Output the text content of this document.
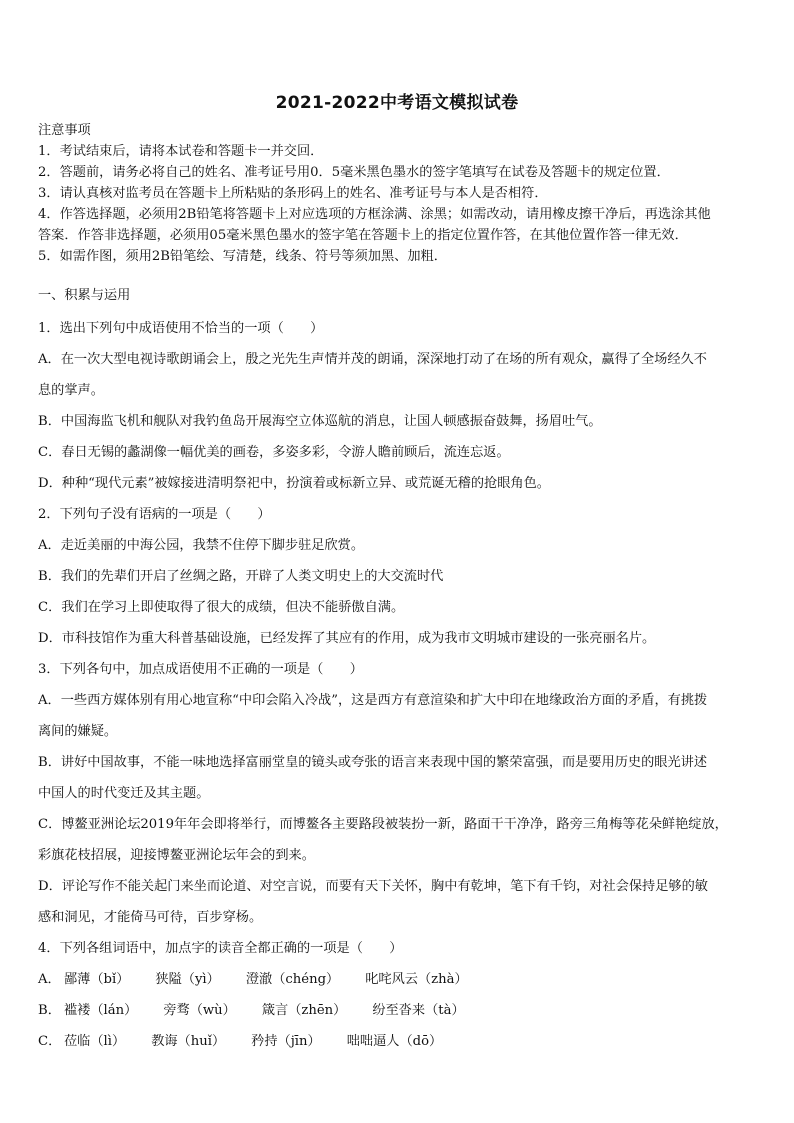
2021-2022中考语文模拟试卷
注意事项
1．考试结束后，请将本试卷和答题卡一并交回．
2．答题前，请务必将自己的姓名、准考证号用0．5毫米黑色墨水的签字笔填写在试卷及答题卡的规定位置．
3．请认真核对监考员在答题卡上所粘贴的条形码上的姓名、准考证号与本人是否相符．
4．作答选择题，必须用2B铅笔将答题卡上对应选项的方框涂满、涂黑；如需改动，请用橡皮擦干净后，再选涂其他
答案．作答非选择题，必须用05毫米黑色墨水的签字笔在答题卡上的指定位置作答，在其他位置作答一律无效．
5．如需作图，须用2B铅笔绘、写清楚，线条、符号等须加黑、加粗．
一、积累与运用
1．选出下列句中成语使用不恰当的一项（　　）
A．在一次大型电视诗歌朗诵会上，殷之光先生声情并茂的朗诵，深深地打动了在场的所有观众，赢得了全场经久不
息的掌声。
B．中国海监飞机和舰队对我钓鱼岛开展海空立体巡航的消息，让国人顿感振奋鼓舞，扬眉吐气。
C．春日无锡的蠡湖像一幅优美的画卷，多姿多彩，令游人瞻前顾后，流连忘返。
D．种种“现代元素”被嫁接进清明祭祀中，扮演着或标新立异、或荒诞无稽的抢眼角色。
2．下列句子没有语病的一项是（　　）
A．走近美丽的中海公园，我禁不住停下脚步驻足欣赏。
B．我们的先辈们开启了丝绸之路，开辟了人类文明史上的大交流时代
C．我们在学习上即使取得了很大的成绩，但决不能骄傲自满。
D．市科技馆作为重大科普基础设施，已经发挥了其应有的作用，成为我市文明城市建设的一张亮丽名片。
3．下列各句中，加点成语使用不正确的一项是（　　）
A．一些西方媒体别有用心地宣称“中印会陷入冷战”，这是西方有意渲染和扩大中印在地缘政治方面的矛盾，有挑拨
离间的嫌疑。
B．讲好中国故事，不能一味地选择富丽堂皇的镜头或夸张的语言来表现中国的繁荣富强，而是要用历史的眼光讲述
中国人的时代变迁及其主题。
C．博鳌亚洲论坛2019年年会即将举行，而博鳌各主要路段被装扮一新，路面干干净净，路旁三角梅等花朵鲜艳绽放，
彩旗花枝招展，迎接博鳌亚洲论坛年会的到来。
D．评论写作不能关起门来坐而论道、对空言说，而要有天下关怀，胸中有乾坤，笔下有千钧，对社会保持足够的敏
感和洞见，才能倚马可待，百步穿杨。
4．下列各组词语中，加点字的读音全都正确的一项是（　　）
A． 鄙薄（bǐ） 狭隘（yì） 澄澈（chéng） 叱咤风云（zhà）
B． 褴褛（lán） 旁骛（wù） 箴言（zhēn） 纷至沓来（tà）
C． 莅临（lì） 教诲（huǐ） 矜持（jīn） 咄咄逼人（dō）
